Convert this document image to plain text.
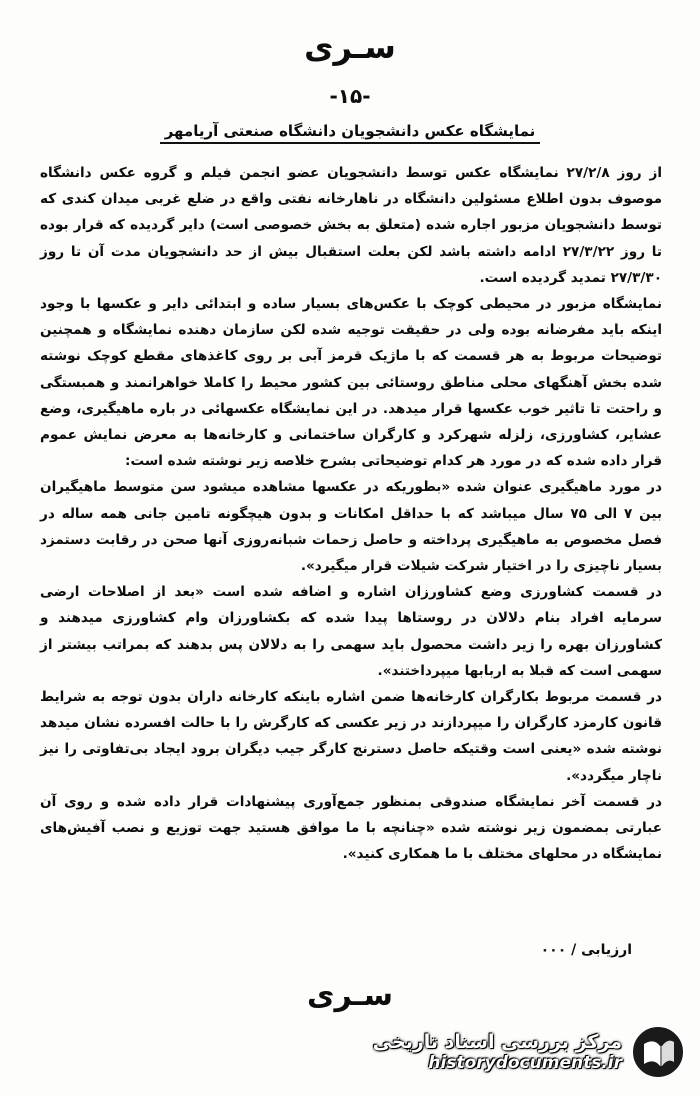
سـری
-۱۵-
نمایشگاه عکس دانشجویان دانشگاه صنعتی آریامهر

از روز ۲۷/۲/۸ نمایشگاه عکس توسط دانشجویان عضو انجمن فیلم و گروه عکس دانشگاه موصوف بدون اطلاع مسئولین دانشگاه در ناهارخانه نفتی واقع در ضلع غربی میدان کندی که توسط دانشجویان مزبور اجاره شده (متعلق به بخش خصوصی است) دایر گردیده که قرار بوده تا روز ۲۷/۳/۲۲ ادامه داشته باشد لکن بعلت استقبال بیش از حد دانشجویان مدت آن تا روز ۲۷/۳/۳۰ تمدید گردیده است.

نمایشگاه مزبور در محیطی کوچک با عکس‌های بسیار ساده و ابتدائی دایر و عکسها با وجود اینکه باید مفرضانه بوده ولی در حقیقت توجیه شده لکن سازمان دهنده نمایشگاه و همچنین توضیحات مربوط به هر قسمت که با ماژیک قرمز آبی بر روی کاغذهای مقطع کوچک نوشته شده بخش آهنگهای محلی مناطق روستائی بین کشور محیط را کاملا خواهرانمند و همبستگی و راحتت تا تاثیر خوب عکسها قرار میدهد. در این نمایشگاه عکسهائی در باره ماهیگیری، وضع عشایر، کشاورزی، زلزله شهرکرد و کارگران ساختمانی و کارخانه‌ها به معرض نمایش عموم قرار داده شده که در مورد هر کدام توضیحاتی بشرح خلاصه زیر نوشته شده است:

در مورد ماهیگیری عنوان شده «بطوریکه در عکسها مشاهده میشود سن متوسط ماهیگیران بین ۷ الی ۷۵ سال میباشد که با حداقل امکانات و بدون هیچگونه تامین جانی همه ساله در فصل مخصوص به ماهیگیری پرداخته و حاصل زحمات شبانه‌روزی آنها صحن در رقابت دستمزد بسیار ناچیزی را در اختیار شرکت شیلات قرار میگیرد».

در قسمت کشاورزی وضع کشاورزان اشاره و اضافه شده است «بعد از اصلاحات ارضی سرمایه افراد بنام دلالان در روستاها پیدا شده که بکشاورزان وام کشاورزی میدهند و کشاورزان بهره را زیر داشت محصول باید سهمی را به دلالان پس بدهند که بمراتب بیشتر از سهمی است که قبلا به اربابها میپرداختند».

در قسمت مربوط بکارگران کارخانه‌ها ضمن اشاره باینکه کارخانه داران بدون توجه به شرایط قانون کارمزد کارگران را میپردازند در زیر عکسی که کارگرش را با حالت افسرده نشان میدهد نوشته شده «یعنی است وقتیکه حاصل دسترنج کارگر جیب دیگران برود ایجاد بی‌تفاوتی را نیز ناچار میگردد».

در قسمت آخر نمایشگاه صندوقی بمنظور جمع‌آوری پیشنهادات قرار داده شده و روی آن عبارتی بمضمون زیر نوشته شده «چنانچه با ما موافق هستید جهت توزیع و نصب آفیش‌های نمایشگاه در محلهای مختلف با ما همکاری کنید».

ارزیابی / ۰۰۰
سـری
مرکز بررسی اسناد تاریخی
historydocuments.ir
